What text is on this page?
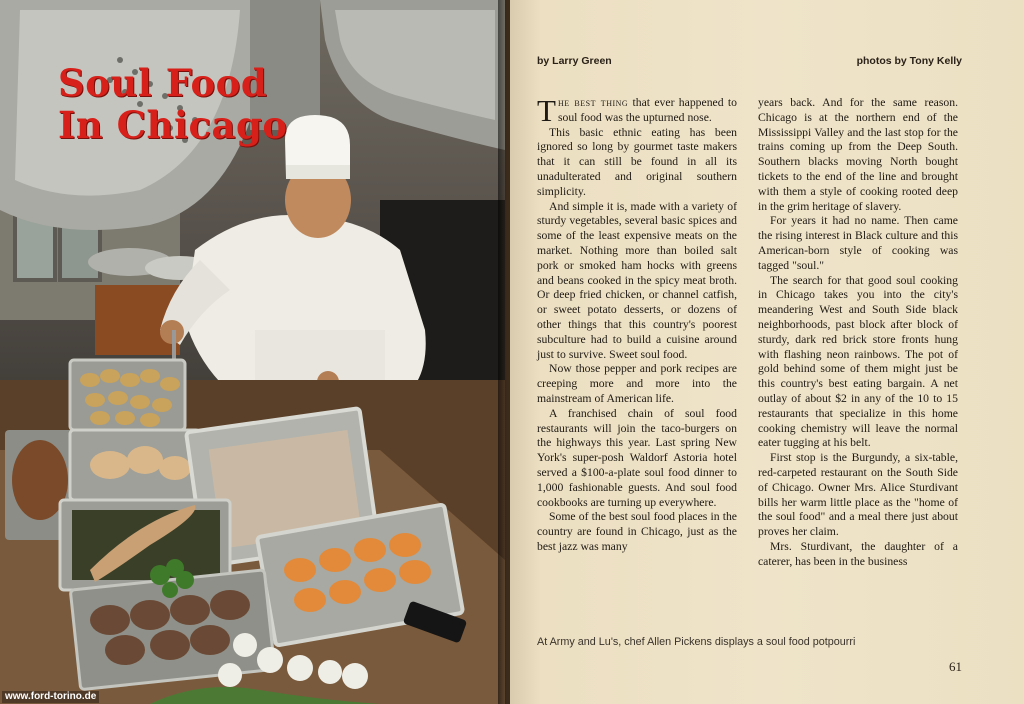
Soul Food
In Chicago
www.ford-torino.de
by Larry Green	photos by Tony Kelly

The best thing that ever happened to soul food was the upturned nose.

This basic ethnic eating has been ignored so long by gourmet taste makers that it can still be found in all its unadulterated and original southern simplicity.

And simple it is, made with a variety of sturdy vegetables, several basic spices and some of the least expensive meats on the market. Nothing more than boiled salt pork or smoked ham hocks with greens and beans cooked in the spicy meat broth. Or deep fried chicken, or channel catfish, or sweet potato desserts, or dozens of other things that this country's poorest subculture had to build a cuisine around just to survive. Sweet soul food.

Now those pepper and pork recipes are creeping more and more into the mainstream of American life.

A franchised chain of soul food restaurants will join the taco-burgers on the highways this year. Last spring New York's super-posh Waldorf Astoria hotel served a $100-a-plate soul food dinner to 1,000 fashionable guests. And soul food cookbooks are turning up everywhere.

Some of the best soul food places in the country are found in Chicago, just as the best jazz was many

years back. And for the same reason. Chicago is at the northern end of the Mississippi Valley and the last stop for the trains coming up from the Deep South. Southern blacks moving North bought tickets to the end of the line and brought with them a style of cooking rooted deep in the grim heritage of slavery.

For years it had no name. Then came the rising interest in Black culture and this American-born style of cooking was tagged "soul."

The search for that good soul cooking in Chicago takes you into the city's meandering West and South Side black neighborhoods, past block after block of sturdy, dark red brick store fronts hung with flashing neon rainbows. The pot of gold behind some of them might just be this country's best eating bargain. A net outlay of about $2 in any of the 10 to 15 restaurants that specialize in this home cooking chemistry will leave the normal eater tugging at his belt.

First stop is the Burgundy, a six-table, red-carpeted restaurant on the South Side of Chicago. Owner Mrs. Alice Sturdivant bills her warm little place as the "home of the soul food" and a meal there just about proves her claim.

Mrs. Sturdivant, the daughter of a caterer, has been in the business

At Army and Lu's, chef Allen Pickens displays a soul food potpourri
61
